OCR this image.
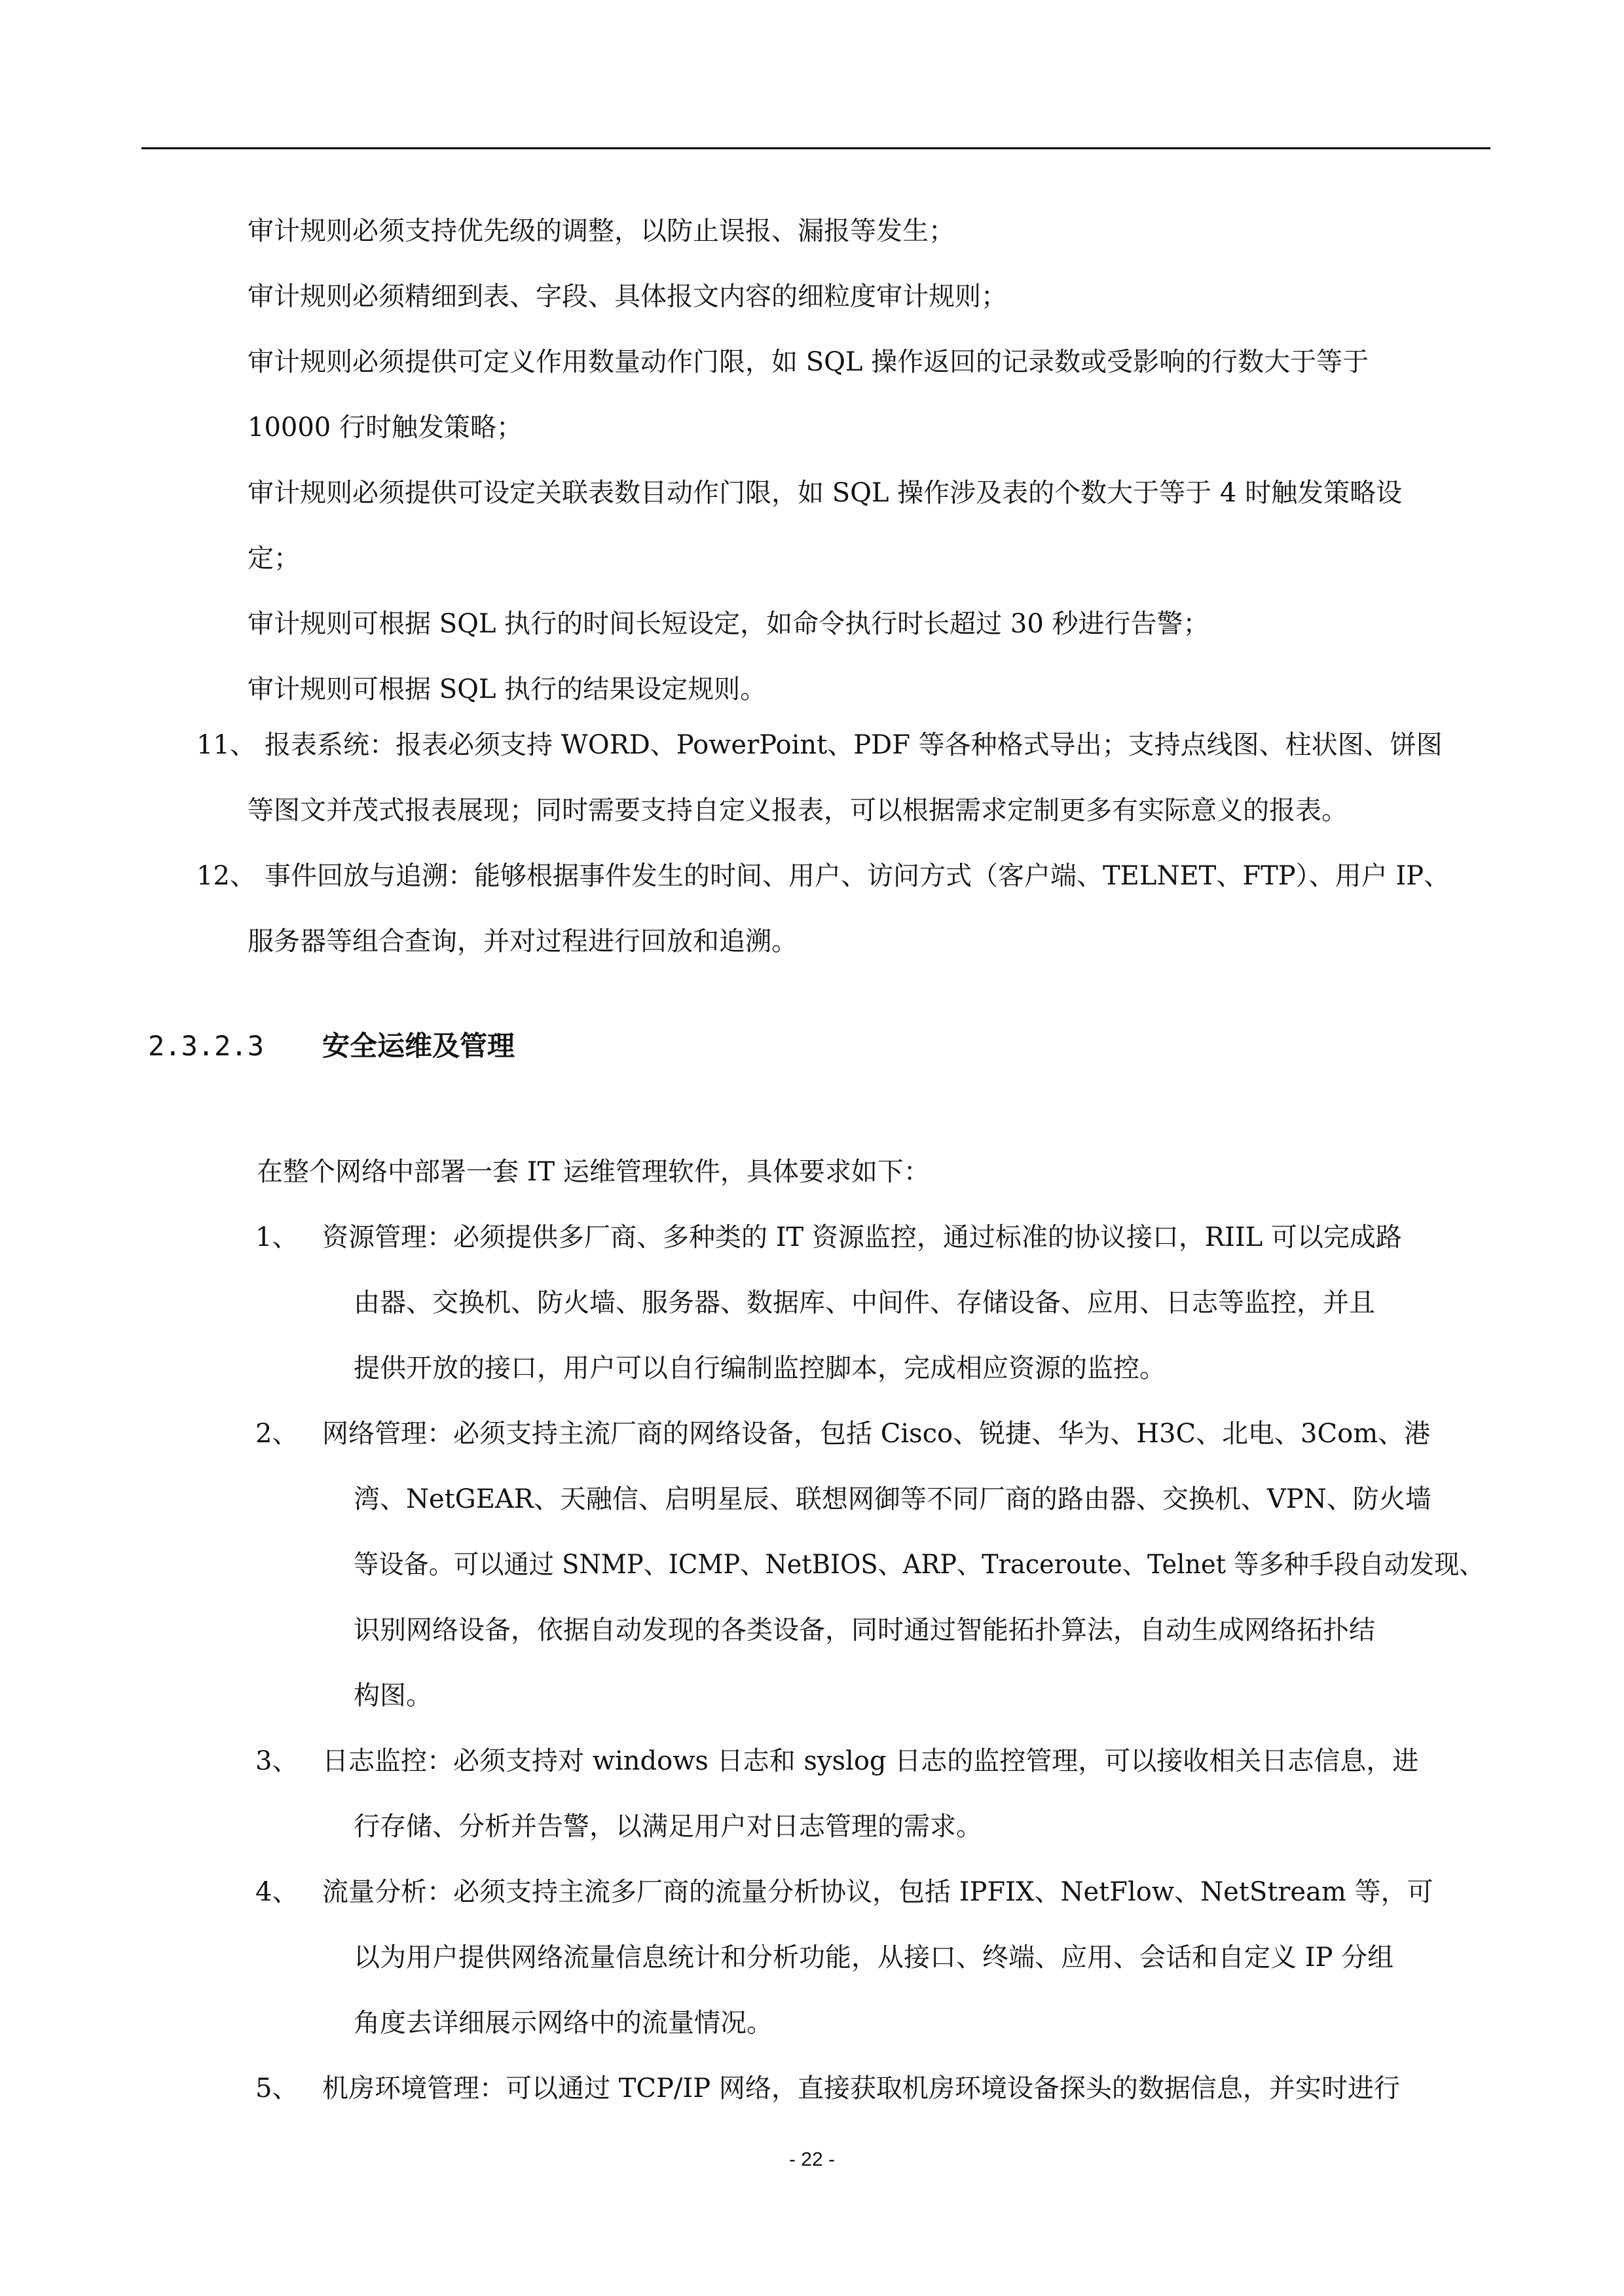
审计规则必须支持优先级的调整，以防止误报、漏报等发生；
审计规则必须精细到表、字段、具体报文内容的细粒度审计规则；
审计规则必须提供可定义作用数量动作门限，如 SQL 操作返回的记录数或受影响的行数大于等于
10000 行时触发策略；
审计规则必须提供可设定关联表数目动作门限，如 SQL 操作涉及表的个数大于等于 4 时触发策略设
定；
审计规则可根据 SQL 执行的时间长短设定，如命令执行时长超过 30 秒进行告警；
审计规则可根据 SQL 执行的结果设定规则。
11、 报表系统：报表必须支持 WORD、PowerPoint、PDF 等各种格式导出；支持点线图、柱状图、饼图
等图文并茂式报表展现；同时需要支持自定义报表，可以根据需求定制更多有实际意义的报表。
12、 事件回放与追溯：能够根据事件发生的时间、用户、访问方式（客户端、TELNET、FTP）、用户 IP、
服务器等组合查询，并对过程进行回放和追溯。
2.3.2.3 安全运维及管理
在整个网络中部署一套 IT 运维管理软件，具体要求如下：
1、 资源管理：必须提供多厂商、多种类的 IT 资源监控，通过标准的协议接口，RIIL 可以完成路
由器、交换机、防火墙、服务器、数据库、中间件、存储设备、应用、日志等监控，并且
提供开放的接口，用户可以自行编制监控脚本，完成相应资源的监控。
2、 网络管理：必须支持主流厂商的网络设备，包括 Cisco、锐捷、华为、H3C、北电、3Com、港
湾、NetGEAR、天融信、启明星辰、联想网御等不同厂商的路由器、交换机、VPN、防火墙
等设备。可以通过 SNMP、ICMP、NetBIOS、ARP、Traceroute、Telnet 等多种手段自动发现、
识别网络设备，依据自动发现的各类设备，同时通过智能拓扑算法，自动生成网络拓扑结
构图。
3、 日志监控：必须支持对 windows 日志和 syslog 日志的监控管理，可以接收相关日志信息，进
行存储、分析并告警，以满足用户对日志管理的需求。
4、 流量分析：必须支持主流多厂商的流量分析协议，包括 IPFIX、NetFlow、NetStream 等，可
以为用户提供网络流量信息统计和分析功能，从接口、终端、应用、会话和自定义 IP 分组
角度去详细展示网络中的流量情况。
5、 机房环境管理：可以通过 TCP/IP 网络，直接获取机房环境设备探头的数据信息，并实时进行
- 22 -
